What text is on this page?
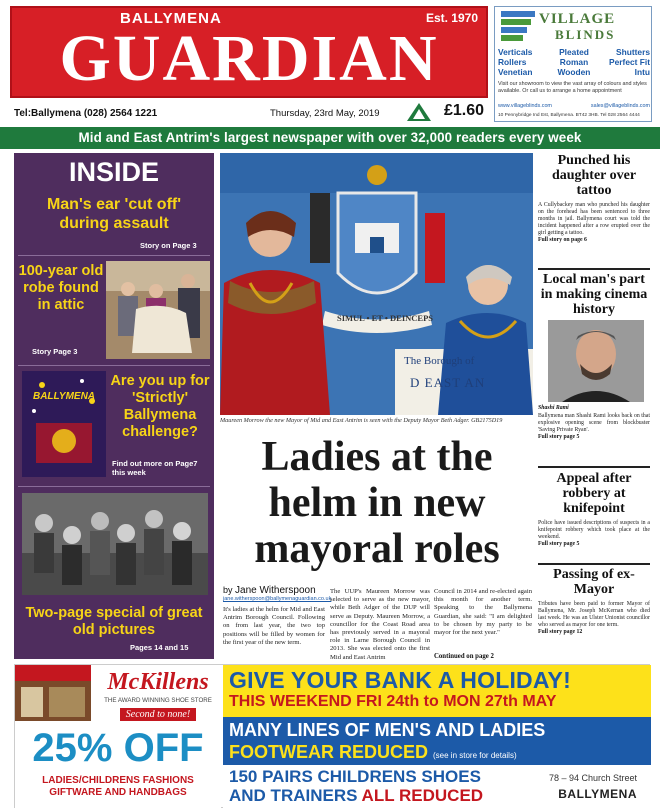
BALLYMENA	Est. 1970
GUARDIAN
VILLAGE
BLINDS
Verticals	Pleated	Shutters
Rollers	Roman	Perfect Fit
Venetian	Wooden	Intu
Visit our showroom to view the vast array of colours and styles available. Or call us to arrange a home appointment
www.villageblinds.com	sales@villageblinds.com
10 Pennybridge Ind Est, Ballymena. BT42 3HB. Tel 028 2564 4444
Tel:Ballymena (028) 2564 1221	Thursday, 23rd May, 2019	£1.60
Mid and East Antrim's largest newspaper with over 32,000 readers every week
INSIDE
Man's ear 'cut off' during assault
Story on Page 3
100-year old robe found in attic
Story Page 3
BALLYMENA
Are you up for 'Strictly' Ballymena challenge?
Find out more on Page7 this week
Two-page special of great old pictures
Pages 14 and 15
SIMUL • ET • DEINCEPS
The Borough of
D EAST AN
Maureen Morrow the new Mayor of Mid and East Antrim is seen with the Deputy Mayor Beth Adger. GB2175D19
Ladies at the helm in new mayoral roles
by Jane Witherspoon
jane.witherspoon@ballymenaguardian.co.uk
It's ladies at the helm for Mid and East Antrim Borough Council. Following on from last year, the two top positions will be filled by women for the first year of the new term.
The UUP's Maureen Morrow was selected to serve as the new mayor, while Beth Adger of the DUP will serve as Deputy. Maureen Morrow, a councillor for the Coast Road area has previously served in a mayoral role in Larne Borough Council in 2013. She was elected onto the first Mid and East Antrim
Council in 2014 and re-elected again this month for another term. Speaking to the Ballymena Guardian, she said: "I am delighted to be chosen by my party to be mayor for the next year."
Continued on page 2
Punched his daughter over tattoo
A Cullybackey man who punched his daughter on the forehead has been sentenced to three months in jail. Ballymena court was told the incident happened after a row erupted over the girl getting a tattoo.
Full story on page 6
Local man's part in making cinema history
Shashi Rami
Ballymena man Shashi Rami looks back on that explosive opening scene from blockbuster 'Saving Private Ryan'.
Full story page 5
Appeal after robbery at knifepoint
Police have issued descriptions of suspects in a knifepoint robbery which took place at the weekend.
Full story page 5
Passing of ex-Mayor
Tributes have been paid to former Mayor of Ballymena, Mr. Joseph McKernan who died last week. He was an Ulster Unionist councillor who served as mayor for one term.
Full story page 12
McKillens
THE AWARD WINNING SHOE STORE
Second to none!
25% OFF
LADIES/CHILDRENS FASHIONS
GIFTWARE AND HANDBAGS
GIVE YOUR BANK A HOLIDAY!
THIS WEEKEND FRI 24th to MON 27th MAY
MANY LINES OF MEN'S AND LADIES
FOOTWEAR REDUCED (see in store for details)
150 PAIRS CHILDRENS SHOES
AND TRAINERS ALL REDUCED
78 – 94 Church Street
BALLYMENA
